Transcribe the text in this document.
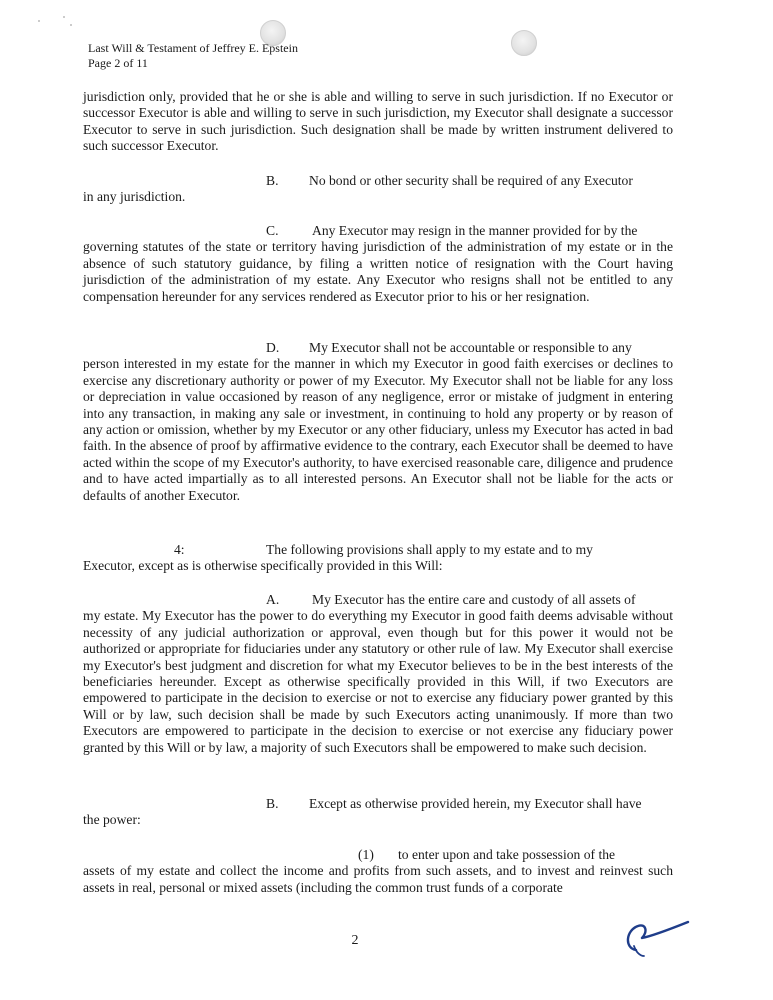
Last Will & Testament of Jeffrey E. Epstein
Page 2 of 11

jurisdiction only, provided that he or she is able and willing to serve in such jurisdiction. If no Executor or successor Executor is able and willing to serve in such jurisdiction, my Executor shall designate a successor Executor to serve in such jurisdiction. Such designation shall be made by written instrument delivered to such successor Executor.

B. No bond or other security shall be required of any Executor

in any jurisdiction.

C. Any Executor may resign in the manner provided for by the

governing statutes of the state or territory having jurisdiction of the administration of my estate or in the absence of such statutory guidance, by filing a written notice of resignation with the Court having jurisdiction of the administration of my estate. Any Executor who resigns shall not be entitled to any compensation hereunder for any services rendered as Executor prior to his or her resignation.

D. My Executor shall not be accountable or responsible to any

person interested in my estate for the manner in which my Executor in good faith exercises or declines to exercise any discretionary authority or power of my Executor. My Executor shall not be liable for any loss or depreciation in value occasioned by reason of any negligence, error or mistake of judgment in entering into any transaction, in making any sale or investment, in continuing to hold any property or by reason of any action or omission, whether by my Executor or any other fiduciary, unless my Executor has acted in bad faith. In the absence of proof by affirmative evidence to the contrary, each Executor shall be deemed to have acted within the scope of my Executor's authority, to have exercised reasonable care, diligence and prudence and to have acted impartially as to all interested persons. An Executor shall not be liable for the acts or defaults of another Executor.

4:	The following provisions shall apply to my estate and to my

Executor, except as is otherwise specifically provided in this Will:

A. My Executor has the entire care and custody of all assets of

my estate. My Executor has the power to do everything my Executor in good faith deems advisable without necessity of any judicial authorization or approval, even though but for this power it would not be authorized or appropriate for fiduciaries under any statutory or other rule of law. My Executor shall exercise my Executor's best judgment and discretion for what my Executor believes to be in the best interests of the beneficiaries hereunder. Except as otherwise specifically provided in this Will, if two Executors are empowered to participate in the decision to exercise or not to exercise any fiduciary power granted by this Will or by law, such decision shall be made by such Executors acting unanimously. If more than two Executors are empowered to participate in the decision to exercise or not exercise any fiduciary power granted by this Will or by law, a majority of such Executors shall be empowered to make such decision.

B. Except as otherwise provided herein, my Executor shall have

the power:

(1) to enter upon and take possession of the

assets of my estate and collect the income and profits from such assets, and to invest and reinvest such assets in real, personal or mixed assets (including the common trust funds of a corporate

2
